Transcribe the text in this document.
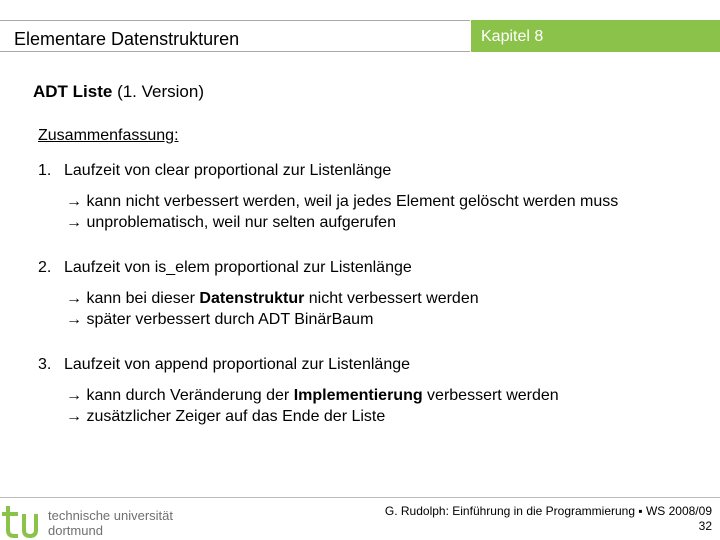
Elementare Datenstrukturen	Kapitel 8
ADT Liste (1. Version)
Zusammenfassung:
1. Laufzeit von clear proportional zur Listenlänge
→ kann nicht verbessert werden, weil ja jedes Element gelöscht werden muss
→ unproblematisch, weil nur selten aufgerufen
2. Laufzeit von is_elem proportional zur Listenlänge
→ kann bei dieser Datenstruktur nicht verbessert werden
→ später verbessert durch ADT BinärBaum
3. Laufzeit von append proportional zur Listenlänge
→ kann durch Veränderung der Implementierung verbessert werden
→ zusätzlicher Zeiger auf das Ende der Liste
technische universität
dortmund
G. Rudolph: Einführung in die Programmierung ▪ WS 2008/09
32
